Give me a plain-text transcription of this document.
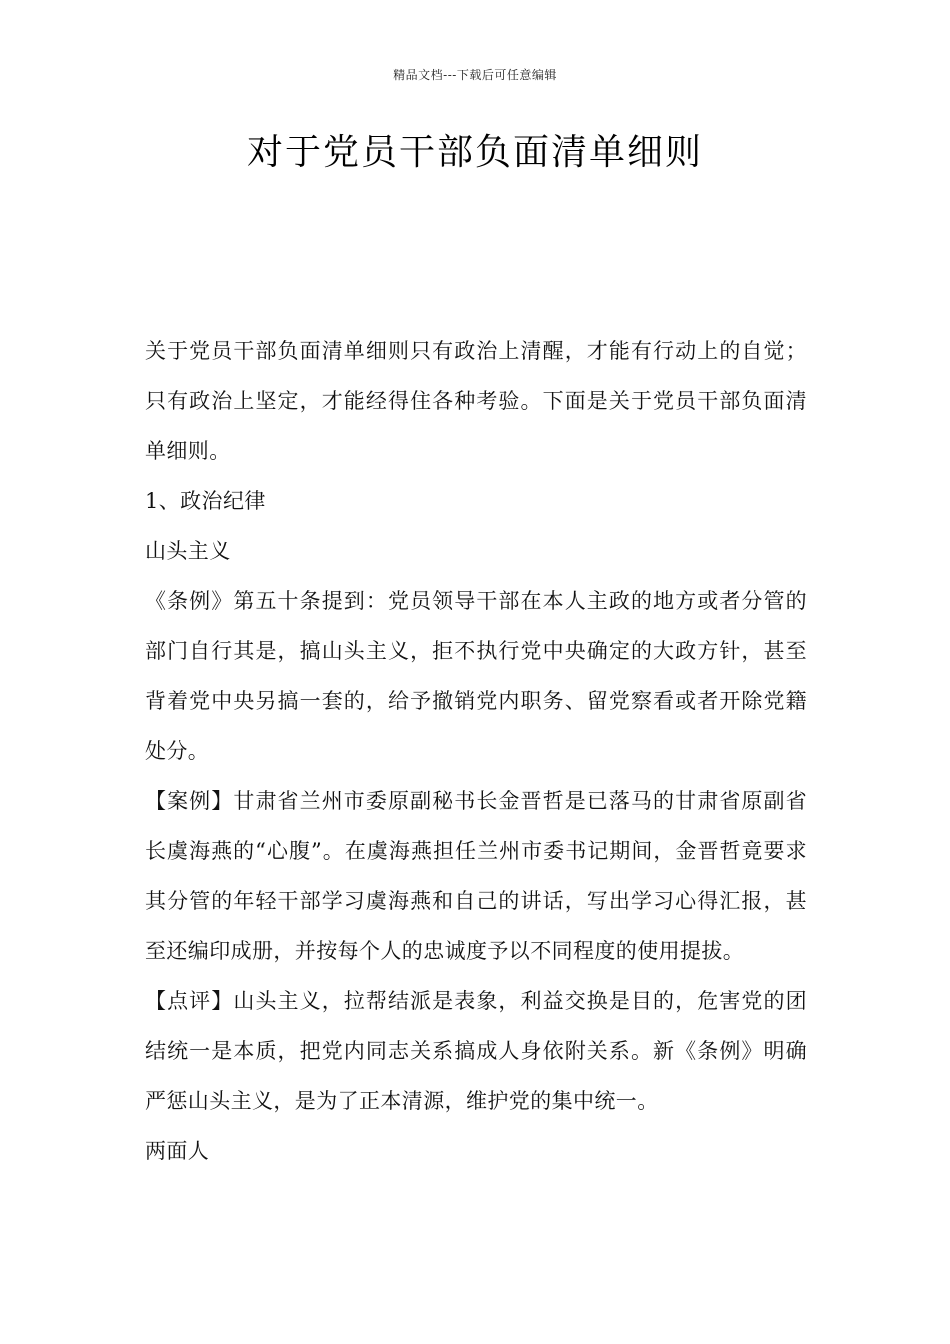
精品文档---下载后可任意编辑
对于党员干部负面清单细则

关于党员干部负面清单细则只有政治上清醒，才能有行动上的自觉；只有政治上坚定，才能经得住各种考验。下面是关于党员干部负面清单细则。

1、政治纪律

山头主义

《条例》第五十条提到：党员领导干部在本人主政的地方或者分管的部门自行其是，搞山头主义，拒不执行党中央确定的大政方针，甚至背着党中央另搞一套的，给予撤销党内职务、留党察看或者开除党籍处分。

【案例】甘肃省兰州市委原副秘书长金晋哲是已落马的甘肃省原副省长虞海燕的“心腹”。在虞海燕担任兰州市委书记期间，金晋哲竟要求其分管的年轻干部学习虞海燕和自己的讲话，写出学习心得汇报，甚至还编印成册，并按每个人的忠诚度予以不同程度的使用提拔。

【点评】山头主义，拉帮结派是表象，利益交换是目的，危害党的团结统一是本质，把党内同志关系搞成人身依附关系。新《条例》明确严惩山头主义，是为了正本清源，维护党的集中统一。

两面人
